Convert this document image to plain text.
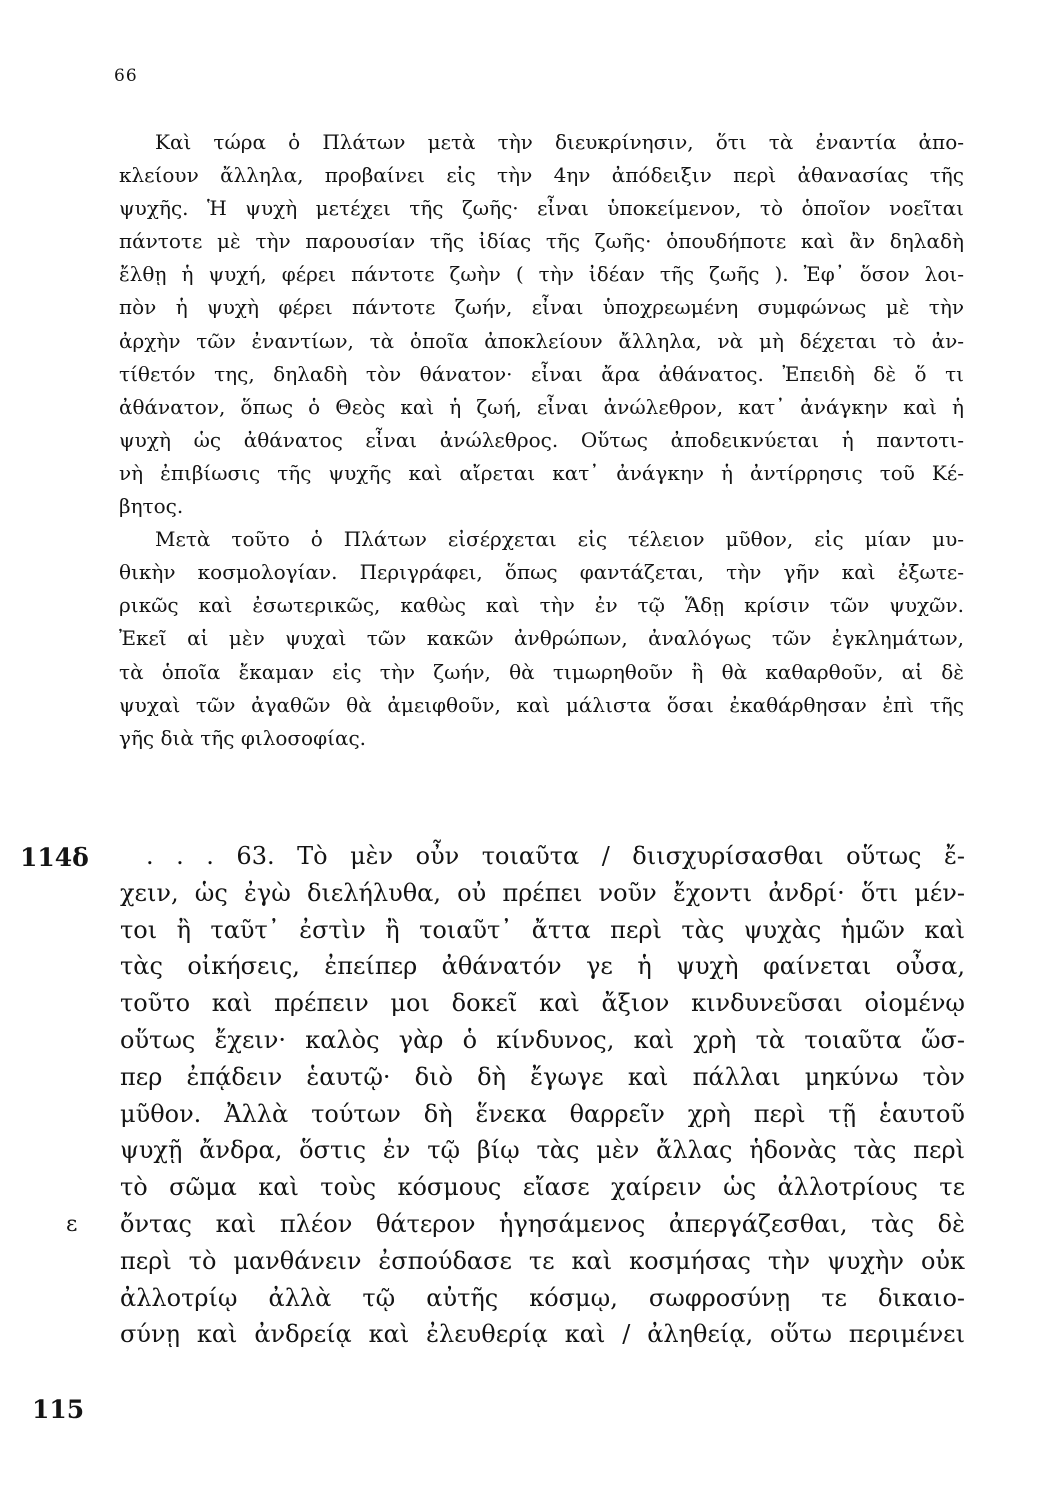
66
Καὶ τώρα ὁ Πλάτων μετὰ τὴν διευκρίνησιν, ὅτι τὰ ἐναντία ἀπο-
κλείουν ἄλληλα, προβαίνει εἰς τὴν 4ην ἀπόδειξιν περὶ ἀθανασίας τῆς
ψυχῆς. Ἡ ψυχὴ μετέχει τῆς ζωῆς· εἶναι ὑποκείμενον, τὸ ὁποῖον νοεῖται
πάντοτε μὲ τὴν παρουσίαν τῆς ἰδίας τῆς ζωῆς· ὁπουδήποτε καὶ ἂν δηλαδὴ
ἔλθῃ ἡ ψυχή, φέρει πάντοτε ζωὴν ( τὴν ἰδέαν τῆς ζωῆς ). Ἐφ᾽ ὅσον λοι-
πὸν ἡ ψυχὴ φέρει πάντοτε ζωήν, εἶναι ὑποχρεωμένη συμφώνως μὲ τὴν
ἀρχὴν τῶν ἐναντίων, τὰ ὁποῖα ἀποκλείουν ἄλληλα, νὰ μὴ δέχεται τὸ ἀν-
τίθετόν της, δηλαδὴ τὸν θάνατον· εἶναι ἄρα ἀθάνατος. Ἐπειδὴ δὲ ὅ τι
ἀθάνατον, ὅπως ὁ Θεὸς καὶ ἡ ζωή, εἶναι ἀνώλεθρον, κατ᾽ ἀνάγκην καὶ ἡ
ψυχὴ ὡς ἀθάνατος εἶναι ἀνώλεθρος. Οὕτως ἀποδεικνύεται ἡ παντοτι-
νὴ ἐπιβίωσις τῆς ψυχῆς καὶ αἴρεται κατ᾽ ἀνάγκην ἡ ἀντίρρησις τοῦ Κέ-
βητος.
Μετὰ τοῦτο ὁ Πλάτων εἰσέρχεται εἰς τέλειον μῦθον, εἰς μίαν μυ-
θικὴν κοσμολογίαν. Περιγράφει, ὅπως φαντάζεται, τὴν γῆν καὶ ἐξωτε-
ρικῶς καὶ ἐσωτερικῶς, καθὼς καὶ τὴν ἐν τῷ Ἅδῃ κρίσιν τῶν ψυχῶν.
Ἐκεῖ αἱ μὲν ψυχαὶ τῶν κακῶν ἀνθρώπων, ἀναλόγως τῶν ἐγκλημάτων,
τὰ ὁποῖα ἔκαμαν εἰς τὴν ζωήν, θὰ τιμωρηθοῦν ἢ θὰ καθαρθοῦν, αἱ δὲ
ψυχαὶ τῶν ἀγαθῶν θὰ ἀμειφθοῦν, καὶ μάλιστα ὅσαι ἐκαθάρθησαν ἐπὶ τῆς
γῆς διὰ τῆς φιλοσοφίας.
114δ
ε
115
. . . 63. Τὸ μὲν οὖν τοιαῦτα / διισχυρίσασθαι οὕτως ἔ-
χειν, ὡς ἐγὼ διελήλυθα, οὐ πρέπει νοῦν ἔχοντι ἀνδρί· ὅτι μέν-
τοι ἢ ταῦτ᾽ ἐστὶν ἢ τοιαῦτ᾽ ἄττα περὶ τὰς ψυχὰς ἡμῶν καὶ
τὰς οἰκήσεις, ἐπείπερ ἀθάνατόν γε ἡ ψυχὴ φαίνεται οὖσα,
τοῦτο καὶ πρέπειν μοι δοκεῖ καὶ ἄξιον κινδυνεῦσαι οἰομένῳ
οὕτως ἔχειν· καλὸς γὰρ ὁ κίνδυνος, καὶ χρὴ τὰ τοιαῦτα ὥσ-
περ ἐπᾴδειν ἑαυτῷ· διὸ δὴ ἔγωγε καὶ πάλλαι μηκύνω τὸν
μῦθον. Ἀλλὰ τούτων δὴ ἕνεκα θαρρεῖν χρὴ περὶ τῇ ἑαυτοῦ
ψυχῇ ἄνδρα, ὅστις ἐν τῷ βίῳ τὰς μὲν ἄλλας ἡδονὰς τὰς περὶ
τὸ σῶμα καὶ τοὺς κόσμους εἴασε χαίρειν ὡς ἀλλοτρίους τε
ὄντας καὶ πλέον θάτερον ἡγησάμενος ἀπεργάζεσθαι, τὰς δὲ
περὶ τὸ μανθάνειν ἐσπούδασε τε καὶ κοσμήσας τὴν ψυχὴν οὐκ
ἀλλοτρίῳ ἀλλὰ τῷ αὐτῆς κόσμῳ, σωφροσύνῃ τε δικαιο-
σύνῃ καὶ ἀνδρείᾳ καὶ ἐλευθερίᾳ καὶ / ἀληθείᾳ, οὕτω περιμένει
